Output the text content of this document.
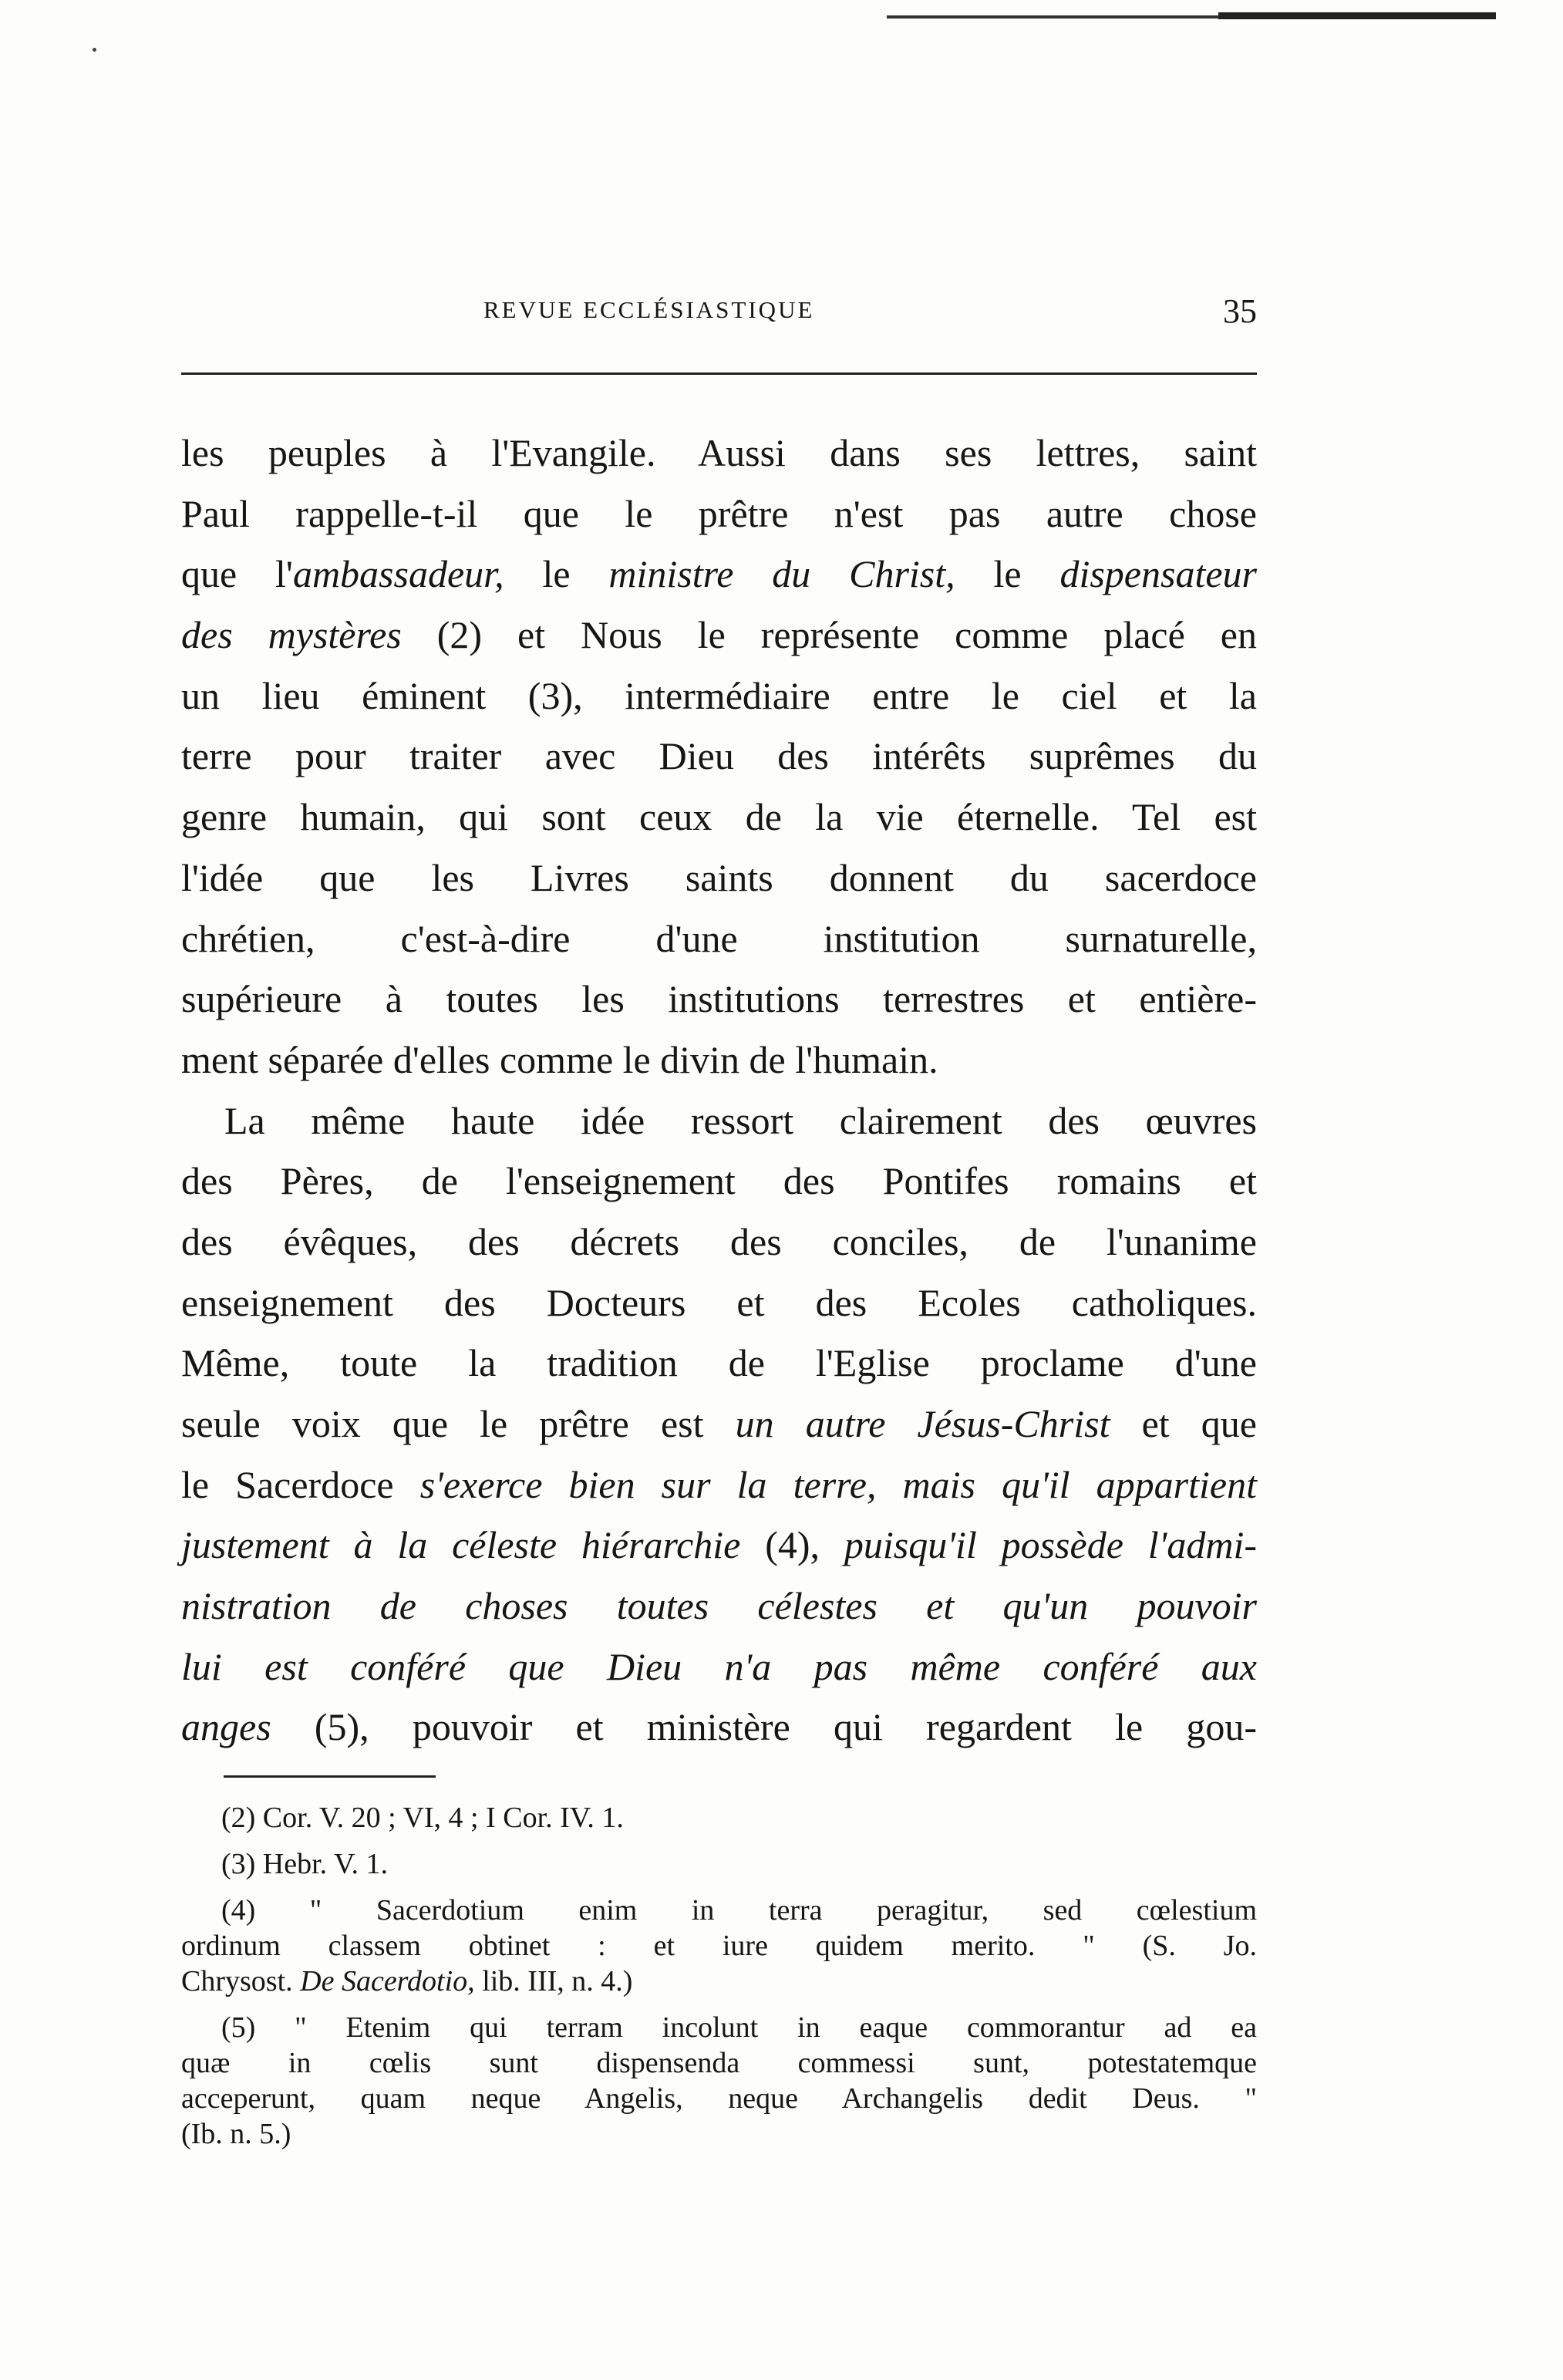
REVUE ECCLÉSIASTIQUE	35
les peuples à l'Evangile. Aussi dans ses lettres, saint
Paul rappelle-t-il que le prêtre n'est pas autre chose
que l'ambassadeur, le ministre du Christ, le dispensateur
des mystères (2) et Nous le représente comme placé en
un lieu éminent (3), intermédiaire entre le ciel et la
terre pour traiter avec Dieu des intérêts suprêmes du
genre humain, qui sont ceux de la vie éternelle. Tel est
l'idée que les Livres saints donnent du sacerdoce
chrétien, c'est-à-dire d'une institution surnaturelle,
supérieure à toutes les institutions terrestres et entière-
ment séparée d'elles comme le divin de l'humain.
La même haute idée ressort clairement des œuvres
des Pères, de l'enseignement des Pontifes romains et
des évêques, des décrets des conciles, de l'unanime
enseignement des Docteurs et des Ecoles catholiques.
Même, toute la tradition de l'Eglise proclame d'une
seule voix que le prêtre est un autre Jésus-Christ et que
le Sacerdoce s'exerce bien sur la terre, mais qu'il appartient
justement à la céleste hiérarchie (4), puisqu'il possède l'admi-
nistration de choses toutes célestes et qu'un pouvoir
lui est conféré que Dieu n'a pas même conféré aux
anges (5), pouvoir et ministère qui regardent le gou-
(2) Cor. V. 20 ; VI, 4 ; I Cor. IV. 1.
(3) Hebr. V. 1.
(4) " Sacerdotium enim in terra peragitur, sed cœlestium
ordinum classem obtinet : et iure quidem merito. " (S. Jo.
Chrysost. De Sacerdotio, lib. III, n. 4.)
(5) " Etenim qui terram incolunt in eaque commorantur ad ea
quæ in cœlis sunt dispensenda commessi sunt, potestatemque
acceperunt, quam neque Angelis, neque Archangelis dedit Deus. "
(Ib. n. 5.)
